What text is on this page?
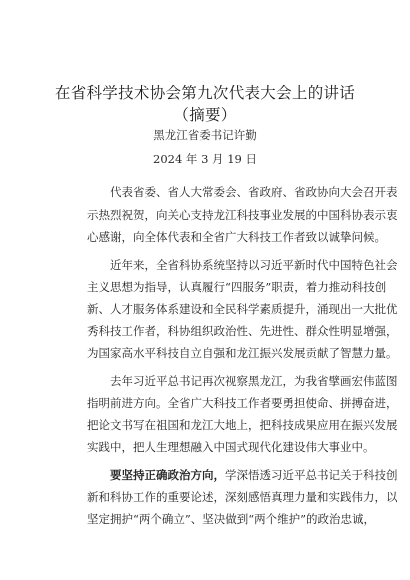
在省科学技术协会第九次代表大会上的讲话
（摘要）
黑龙江省委书记许勤
2024 年 3 月 19 日
代表省委、省人大常委会、省政府、省政协向大会召开表
示热烈祝贺，向关心支持龙江科技事业发展的中国科协表示衷
心感谢，向全体代表和全省广大科技工作者致以诚挚问候。
近年来，全省科协系统坚持以习近平新时代中国特色社会
主义思想为指导，认真履行“四服务”职责，着力推动科技创
新、人才服务体系建设和全民科学素质提升，涌现出一大批优
秀科技工作者，科协组织政治性、先进性、群众性明显增强，
为国家高水平科技自立自强和龙江振兴发展贡献了智慧力量。
去年习近平总书记再次视察黑龙江，为我省擘画宏伟蓝图
指明前进方向。全省广大科技工作者要勇担使命、拼搏奋进，
把论文书写在祖国和龙江大地上，把科技成果应用在振兴发展
实践中，把人生理想融入中国式现代化建设伟大事业中。
要坚持正确政治方向，学深悟透习近平总书记关于科技创
新和科协工作的重要论述，深刻感悟真理力量和实践伟力，以
坚定拥护“两个确立”、坚决做到“两个维护”的政治忠诚，
